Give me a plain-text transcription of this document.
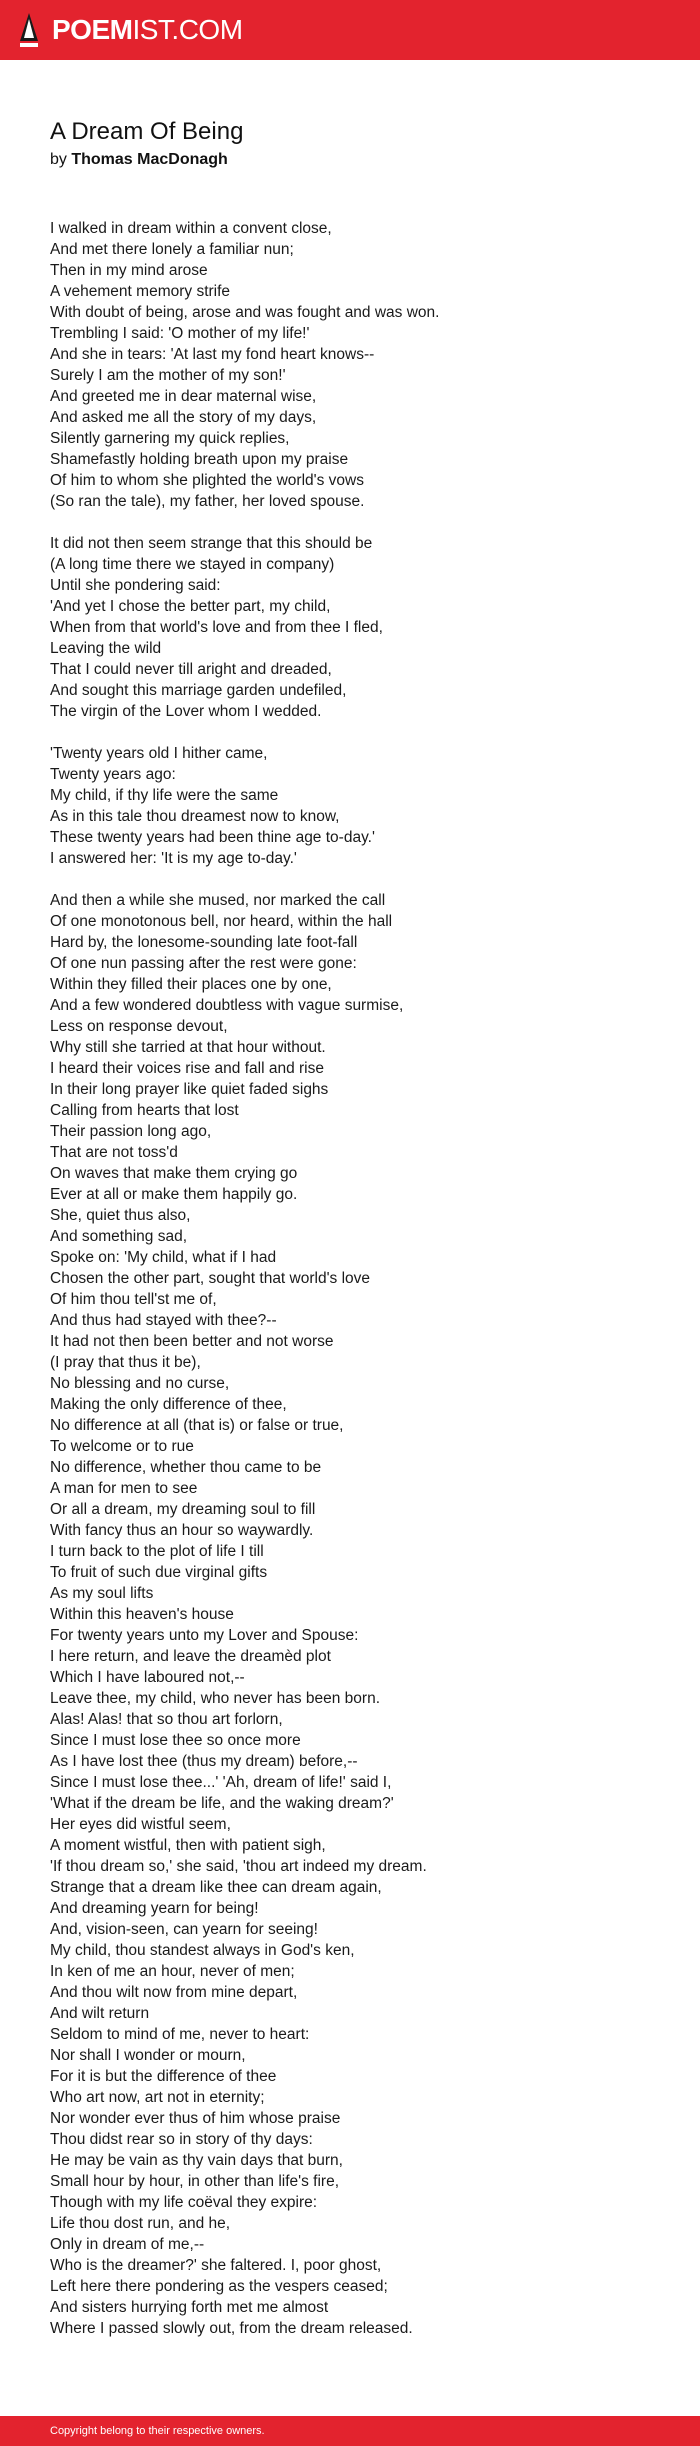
POEMIST.COM
A Dream Of Being
by Thomas MacDonagh
I walked in dream within a convent close,
And met there lonely a familiar nun;
Then in my mind arose
A vehement memory strife
With doubt of being, arose and was fought and was won.
Trembling I said: 'O mother of my life!'
And she in tears: 'At last my fond heart knows--
Surely I am the mother of my son!'
And greeted me in dear maternal wise,
And asked me all the story of my days,
Silently garnering my quick replies,
Shamefastly holding breath upon my praise
Of him to whom she plighted the world's vows
(So ran the tale), my father, her loved spouse.
It did not then seem strange that this should be
(A long time there we stayed in company)
Until she pondering said:
'And yet I chose the better part, my child,
When from that world's love and from thee I fled,
Leaving the wild
That I could never till aright and dreaded,
And sought this marriage garden undefiled,
The virgin of the Lover whom I wedded.
'Twenty years old I hither came,
Twenty years ago:
My child, if thy life were the same
As in this tale thou dreamest now to know,
These twenty years had been thine age to-day.'
I answered her: 'It is my age to-day.'
And then a while she mused, nor marked the call
Of one monotonous bell, nor heard, within the hall
Hard by, the lonesome-sounding late foot-fall
Of one nun passing after the rest were gone:
Within they filled their places one by one,
And a few wondered doubtless with vague surmise,
Less on response devout,
Why still she tarried at that hour without.
I heard their voices rise and fall and rise
In their long prayer like quiet faded sighs
Calling from hearts that lost
Their passion long ago,
That are not toss'd
On waves that make them crying go
Ever at all or make them happily go.
She, quiet thus also,
And something sad,
Spoke on: 'My child, what if I had
Chosen the other part, sought that world's love
Of him thou tell'st me of,
And thus had stayed with thee?--
It had not then been better and not worse
(I pray that thus it be),
No blessing and no curse,
Making the only difference of thee,
No difference at all (that is) or false or true,
To welcome or to rue
No difference, whether thou came to be
A man for men to see
Or all a dream, my dreaming soul to fill
With fancy thus an hour so waywardly.
I turn back to the plot of life I till
To fruit of such due virginal gifts
As my soul lifts
Within this heaven's house
For twenty years unto my Lover and Spouse:
I here return, and leave the dreamèd plot
Which I have laboured not,--
Leave thee, my child, who never has been born.
Alas! Alas! that so thou art forlorn,
Since I must lose thee so once more
As I have lost thee (thus my dream) before,--
Since I must lose thee...' 'Ah, dream of life!' said I,
'What if the dream be life, and the waking dream?'
Her eyes did wistful seem,
A moment wistful, then with patient sigh,
'If thou dream so,' she said, 'thou art indeed my dream.
Strange that a dream like thee can dream again,
And dreaming yearn for being!
And, vision-seen, can yearn for seeing!
My child, thou standest always in God's ken,
In ken of me an hour, never of men;
And thou wilt now from mine depart,
And wilt return
Seldom to mind of me, never to heart:
Nor shall I wonder or mourn,
For it is but the difference of thee
Who art now, art not in eternity;
Nor wonder ever thus of him whose praise
Thou didst rear so in story of thy days:
He may be vain as thy vain days that burn,
Small hour by hour, in other than life's fire,
Though with my life coëval they expire:
Life thou dost run, and he,
Only in dream of me,--
Who is the dreamer?' she faltered. I, poor ghost,
Left here there pondering as the vespers ceased;
And sisters hurrying forth met me almost
Where I passed slowly out, from the dream released.
Copyright belong to their respective owners.
